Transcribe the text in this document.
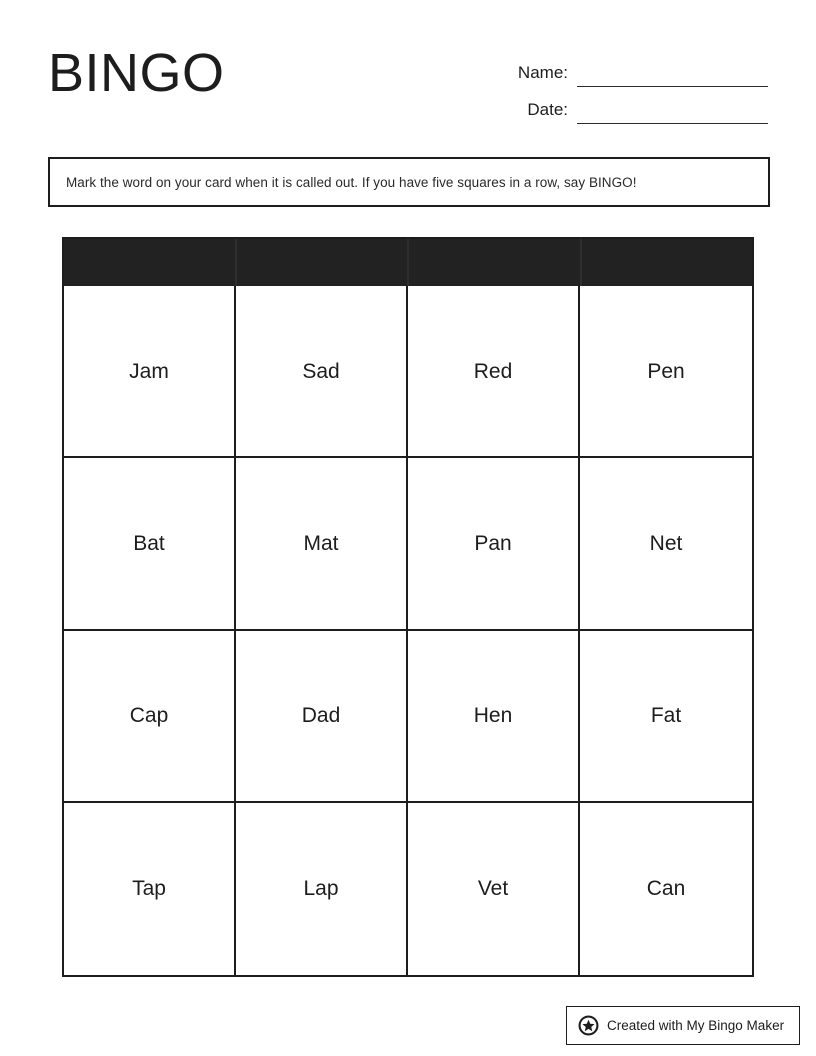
BINGO	Name:
Date:
Mark the word on your card when it is called out. If you have five squares in a row, say BINGO!
Jam	Sad	Red	Pen
Bat	Mat	Pan	Net
Cap	Dad	Hen	Fat
Tap	Lap	Vet	Can
Created with My Bingo Maker
